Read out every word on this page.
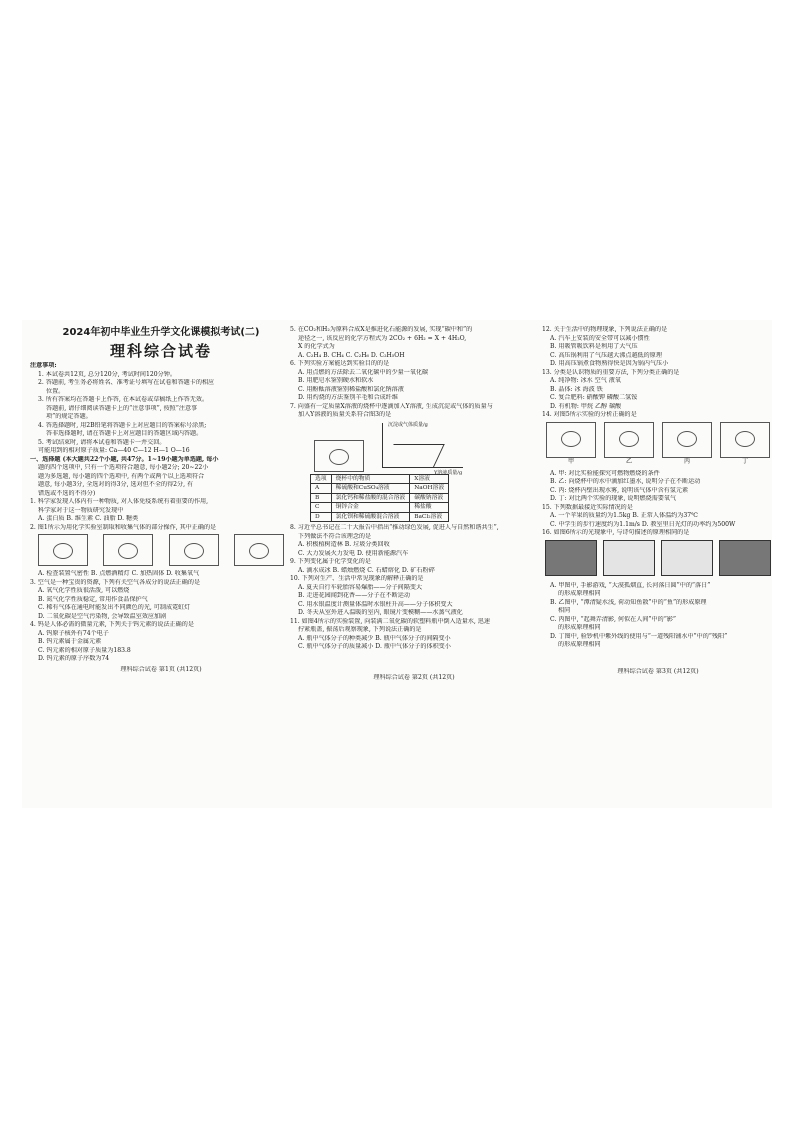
2024年初中毕业生升学文化课模拟考试(二)
理科综合试卷

注意事项:

1. 本试卷共12页, 总分120分, 考试时间120分钟。

2. 答题前, 考生务必将姓名、准考证号填写在试卷和答题卡的相应

位置。

3. 所有答案均在答题卡上作答, 在本试卷或草稿纸上作答无效。

答题前, 请仔细阅读答题卡上的“注意事项”, 按照“注意事

项”的规定答题。

4. 答选择题时, 用2B铅笔将答题卡上对应题目的答案标号涂黑;

答非选择题时, 请在答题卡上对应题目的答题区域内答题。

5. 考试结束时, 请将本试卷和答题卡一并交回。

可能用到的相对原子质量: Ca—40 C—12 H—1 O—16

一、选择题 (本大题共22个小题, 共47分。1~19小题为单选题, 每小

题的四个选项中, 只有一个选项符合题意, 每小题2分; 20~22小

题为多选题, 每小题的四个选项中, 有两个或两个以上选项符合

题意, 每小题3分, 全选对的得3分, 选对但不全的得2分, 有

错选或不选的不得分)

1. 科学家发现人体内有一种物质, 对人体免疫系统有着重要的作用,

科学家对于这一物质研究发现中

A. 蛋白质 B. 维生素 C. 油脂 D. 糖类

2. 图1所示为用化学实验室制取和收集气体的部分操作, 其中正确的是

A. 检查装置气密性 B. 点燃酒精灯 C. 加热固体 D. 收集氧气

3. 空气是一种宝贵的资源, 下列有关空气各成分的说法正确的是

A. 氧气化学性质很活泼, 可以燃烧

B. 氮气化学性质稳定, 常用作食品保护气

C. 稀有气体在通电时能发出不同颜色的光, 可制成霓虹灯

D. 二氧化碳是空气污染物, 会导致温室效应加剧

4. 钨是人体必需的微量元素, 下列关于钨元素的说法正确的是

A. 钨原子核外有74个电子

B. 钨元素属于金属元素

C. 钨元素的相对原子质量为183.8

D. 钨元素的原子序数为74

理科综合试卷 第1页 (共12页)

5. 在CO₂和H₂为原料合成X是推进化石能源的发展, 实现“碳中和”的

途径之一, 该反应的化学方程式为 2CO₂ + 6H₂ = X + 4H₂O,

X 的化学式为

A. C₂H₄ B. CH₄ C. C₂H₆ D. C₂H₅OH

6. 下列实验方案能达到实验目的的是

A. 用点燃的方法除去二氧化碳中的少量一氧化碳

B. 用肥皂水鉴别硬水和软水

C. 用酚酞溶液鉴别稀盐酸和氯化钠溶液

D. 用灼烧的方法鉴别羊毛和合成纤维

7. 向盛有一定质量X溶液的烧杯中逐滴加入Y溶液, 生成沉淀或气体的质量与

加入Y溶液的质量关系符合图3的是

沉淀或气体质量/g
Y溶液质量/g
选项	烧杯中的物质	X溶液
A	稀硫酸和CuSO₄溶液	NaOH溶液
B	氯化钙和稀盐酸的混合溶液	碳酸钠溶液
C	铜锌合金	稀盐酸
D	氯化钡和稀硫酸混合溶液	BaCl₂溶液

8. 习近平总书记在二十大报告中指出“推动绿色发展, 促进人与自然和谐共生”,

下列做法不符合该理念的是

A. 积极植树造林 B. 垃圾分类回收

C. 大力发展火力发电 D. 使用新能源汽车

9. 下列变化属于化学变化的是

A. 滴水成冰 B. 蜡烛燃烧 C. 石蜡熔化 D. 矿石粉碎

10. 下列对生产、生活中常见现象的解释正确的是

A. 夏天自行车轮胎容易爆胎——分子间隔变大

B. 走进花园闻到花香——分子在不断运动

C. 用水银温度计测量体温时水银柱升高——分子体积变大

D. 冬天从室外进入温暖的室内, 眼镜片变模糊——水蒸气液化

11. 如图4所示的实验装置, 向装满二氧化碳的软塑料瓶中倒入适量水, 迅速

拧紧瓶盖, 振荡后观察现象, 下列说法正确的是

A. 瓶中气体分子的种类减少 B. 瓶中气体分子的间隔变小

C. 瓶中气体分子的质量减小 D. 瓶中气体分子的体积变小

理科综合试卷 第2页 (共12页)

12. 关于生活中的物理现象, 下列说法正确的是

A. 汽车上安装的安全带可以减小惯性

B. 用吸管吸饮料是利用了大气压

C. 高压锅利用了气压越大沸点越低的原理

D. 用高压锅煮食物熟得快是因为锅内气压小

13. 分类是认识物质的重要方法, 下列分类正确的是

A. 纯净物: 冰水 空气 液氧

B. 晶体: 冰 海波 铁

C. 复合肥料: 硝酸钾 磷酸二氢铵

D. 有机物: 甲烷 乙醇 碳酸

14. 对图5所示实验的分析正确的是

甲	乙	丙	丁

A. 甲: 对比实验能探究可燃物燃烧的条件

B. 乙: 向烧杯中的水中滴加红墨水, 说明分子在不断运动

C. 丙: 烧杯内壁出现水雾, 说明该气体中含有氢元素

D. 丁: 对比两个实验的现象, 说明燃烧需要氧气

15. 下列数据最接近实际情况的是

A. 一个苹果的质量约为1.5kg B. 正常人体温约为37℃

C. 中学生的步行速度约为1.1m/s D. 教室里日光灯的功率约为500W

16. 如图6所示的光现象中, 与诗句描述的原理相同的是

A. 甲图中, 手影游戏, “大漠孤烟直, 长河落日圆”中的“落日”

的形成原理相同

B. 乙图中, “潭清疑水浅, 荷动知鱼散”中的“鱼”的形成原理

相同

C. 丙图中, “起舞弄清影, 何似在人间”中的“影”

的形成原理相同

D. 丁图中, 验钞机中紫外线的使用与“一道残阳铺水中”中的“残阳”

的形成原理相同

理科综合试卷 第3页 (共12页)
